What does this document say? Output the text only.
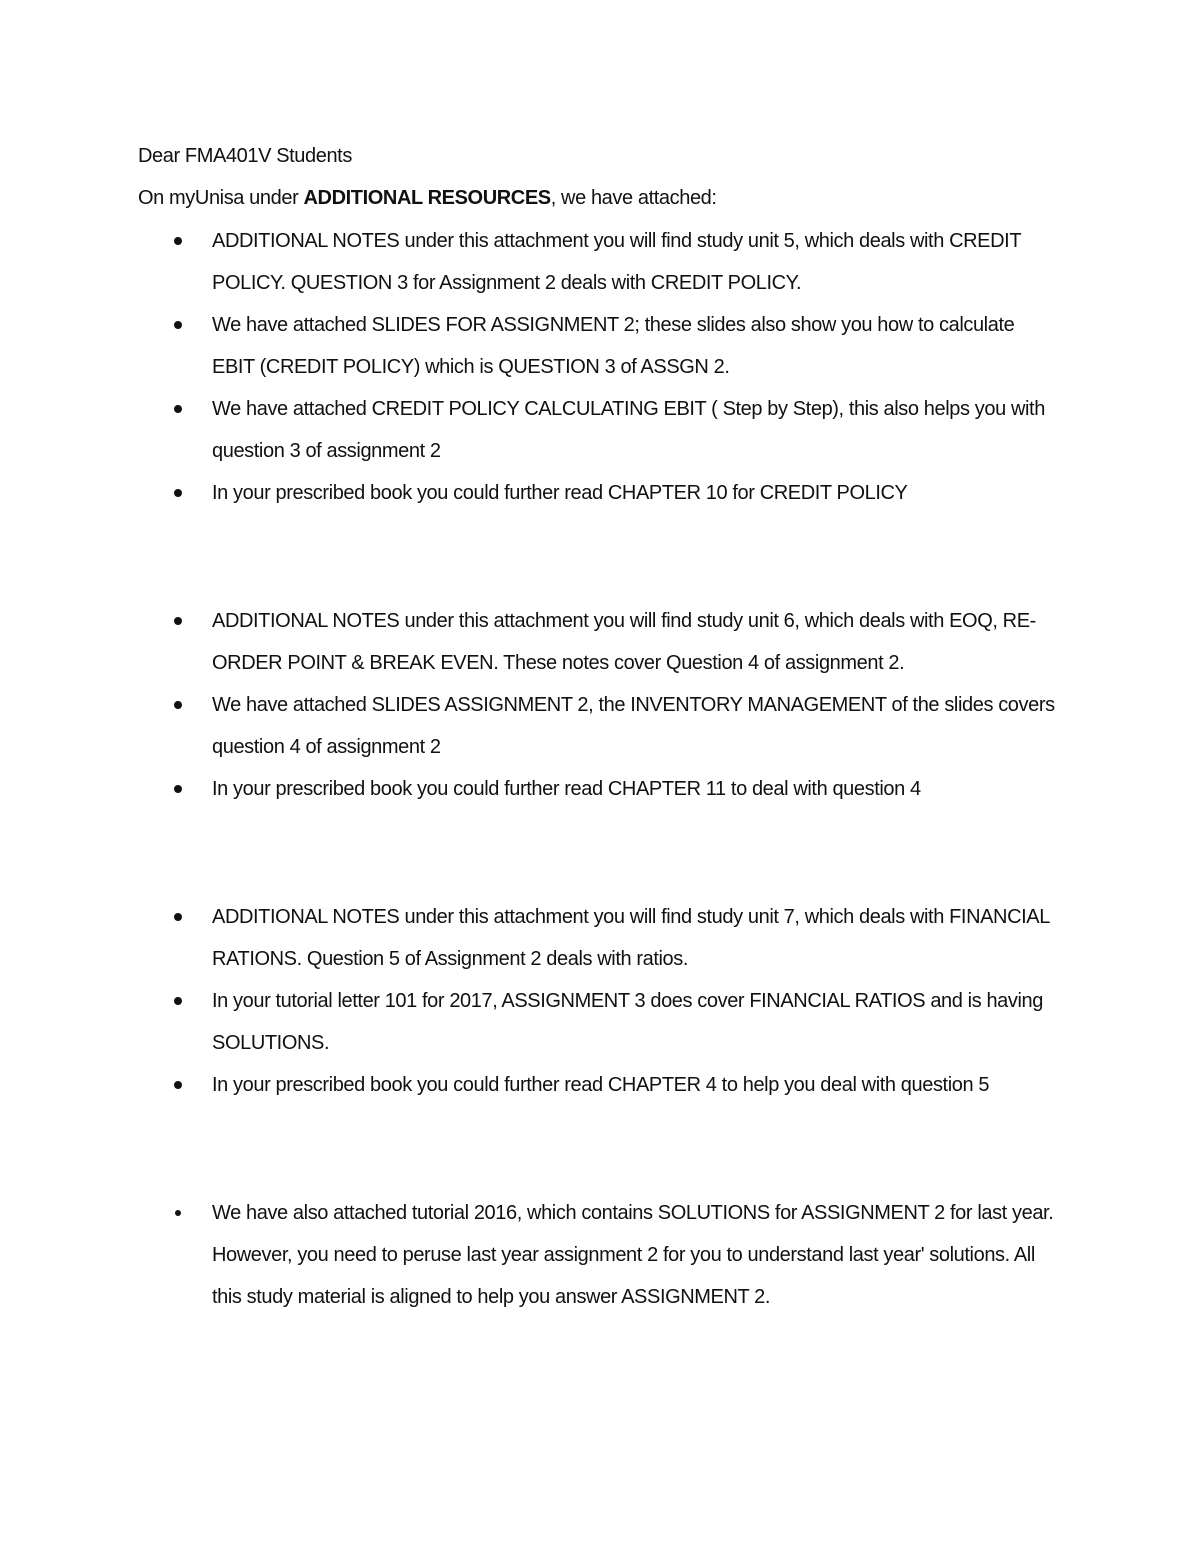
Dear FMA401V Students

On myUnisa under ADDITIONAL RESOURCES, we have attached:

ADDITIONAL NOTES under this attachment you will find study unit 5, which deals with CREDIT
POLICY. QUESTION 3 for Assignment 2 deals with CREDIT POLICY.
We have attached SLIDES FOR ASSIGNMENT 2; these slides also show you how to calculate
EBIT (CREDIT POLICY) which is QUESTION 3 of ASSGN 2.
We have attached CREDIT POLICY CALCULATING EBIT ( Step by Step), this also helps you with
question 3 of assignment 2
In your prescribed book you could further read CHAPTER 10 for CREDIT POLICY
ADDITIONAL NOTES under this attachment you will find study unit 6, which deals with EOQ, RE-
ORDER POINT & BREAK EVEN. These notes cover Question 4 of assignment 2.
We have attached SLIDES ASSIGNMENT 2, the INVENTORY MANAGEMENT of the slides covers
question 4 of assignment 2
In your prescribed book you could further read CHAPTER 11 to deal with question 4
ADDITIONAL NOTES under this attachment you will find study unit 7, which deals with FINANCIAL
RATIONS. Question 5 of Assignment 2 deals with ratios.
In your tutorial letter 101 for 2017, ASSIGNMENT 3 does cover FINANCIAL RATIOS and is having
SOLUTIONS.
In your prescribed book you could further read CHAPTER 4 to help you deal with question 5
We have also attached tutorial 2016, which contains SOLUTIONS for ASSIGNMENT 2 for last year.
However, you need to peruse last year assignment 2 for you to understand last year' solutions. All
this study material is aligned to help you answer ASSIGNMENT 2.
